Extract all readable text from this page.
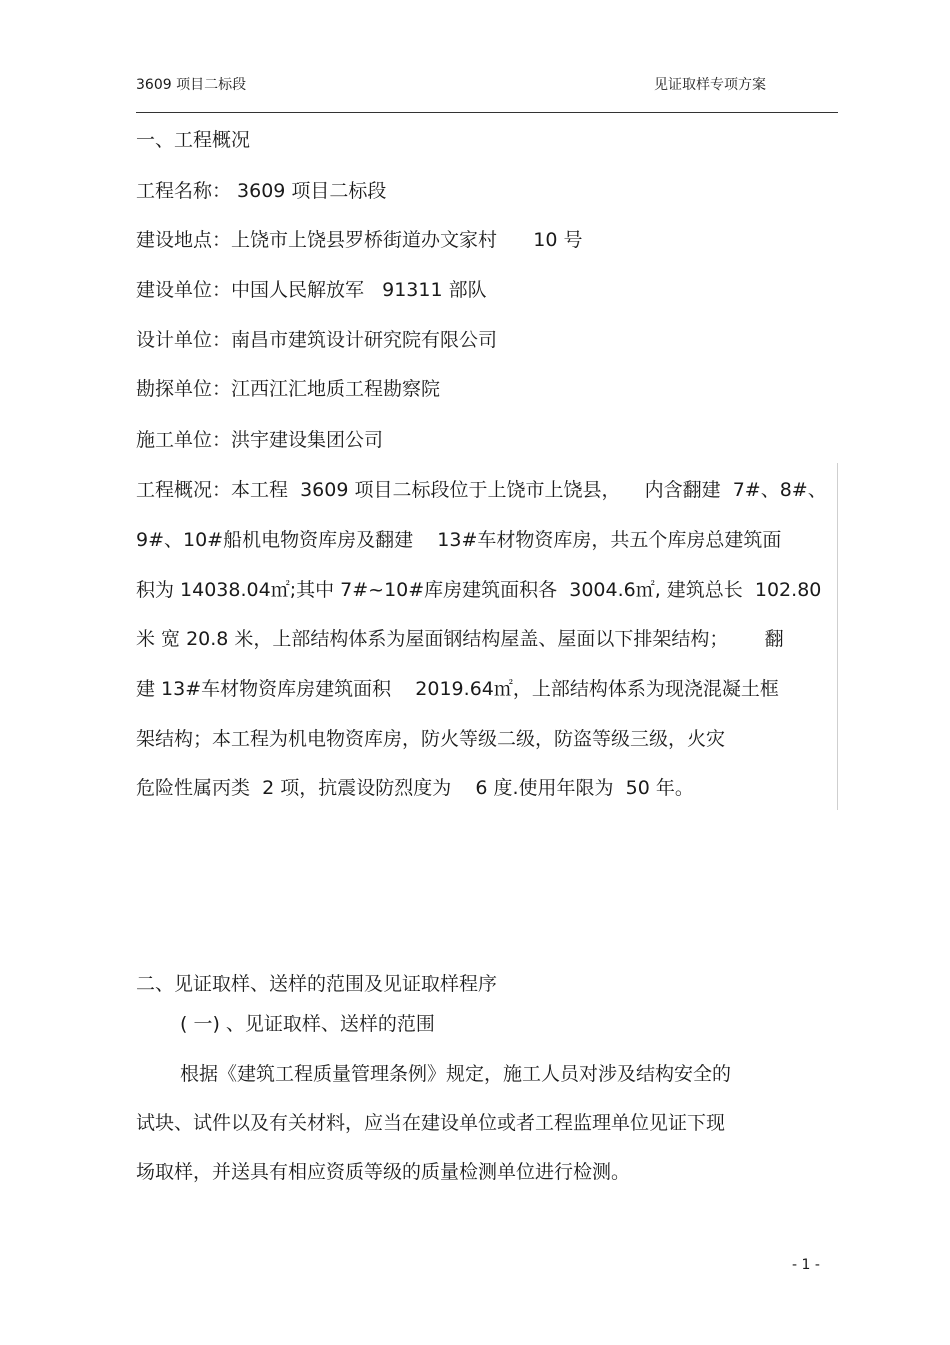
3609 项目二标段	见证取样专项方案
一、工程概况
工程名称： 3609 项目二标段
建设地点：上饶市上饶县罗桥街道办文家村      10 号
建设单位：中国人民解放军   91311 部队
设计单位：南昌市建筑设计研究院有限公司
勘探单位：江西江汇地质工程勘察院
施工单位：洪宇建设集团公司
工程概况：本工程  3609 项目二标段位于上饶市上饶县，    内含翻建  7#、8#、
9#、10#船机电物资库房及翻建    13#车材物资库房，共五个库房总建筑面
积为 14038.04㎡;其中 7#~10#库房建筑面积各  3004.6㎡, 建筑总长  102.80
米 宽 20.8 米，上部结构体系为屋面钢结构屋盖、屋面以下排架结构；      翻
建 13#车材物资库房建筑面积    2019.64㎡，上部结构体系为现浇混凝土框
架结构；本工程为机电物资库房，防火等级二级，防盗等级三级，火灾
危险性属丙类  2 项，抗震设防烈度为    6 度.使用年限为  50 年。
二、见证取样、送样的范围及见证取样程序
( 一) 、见证取样、送样的范围
根据《建筑工程质量管理条例》规定，施工人员对涉及结构安全的
试块、试件以及有关材料，应当在建设单位或者工程监理单位见证下现
场取样，并送具有相应资质等级的质量检测单位进行检测。
- 1 -
